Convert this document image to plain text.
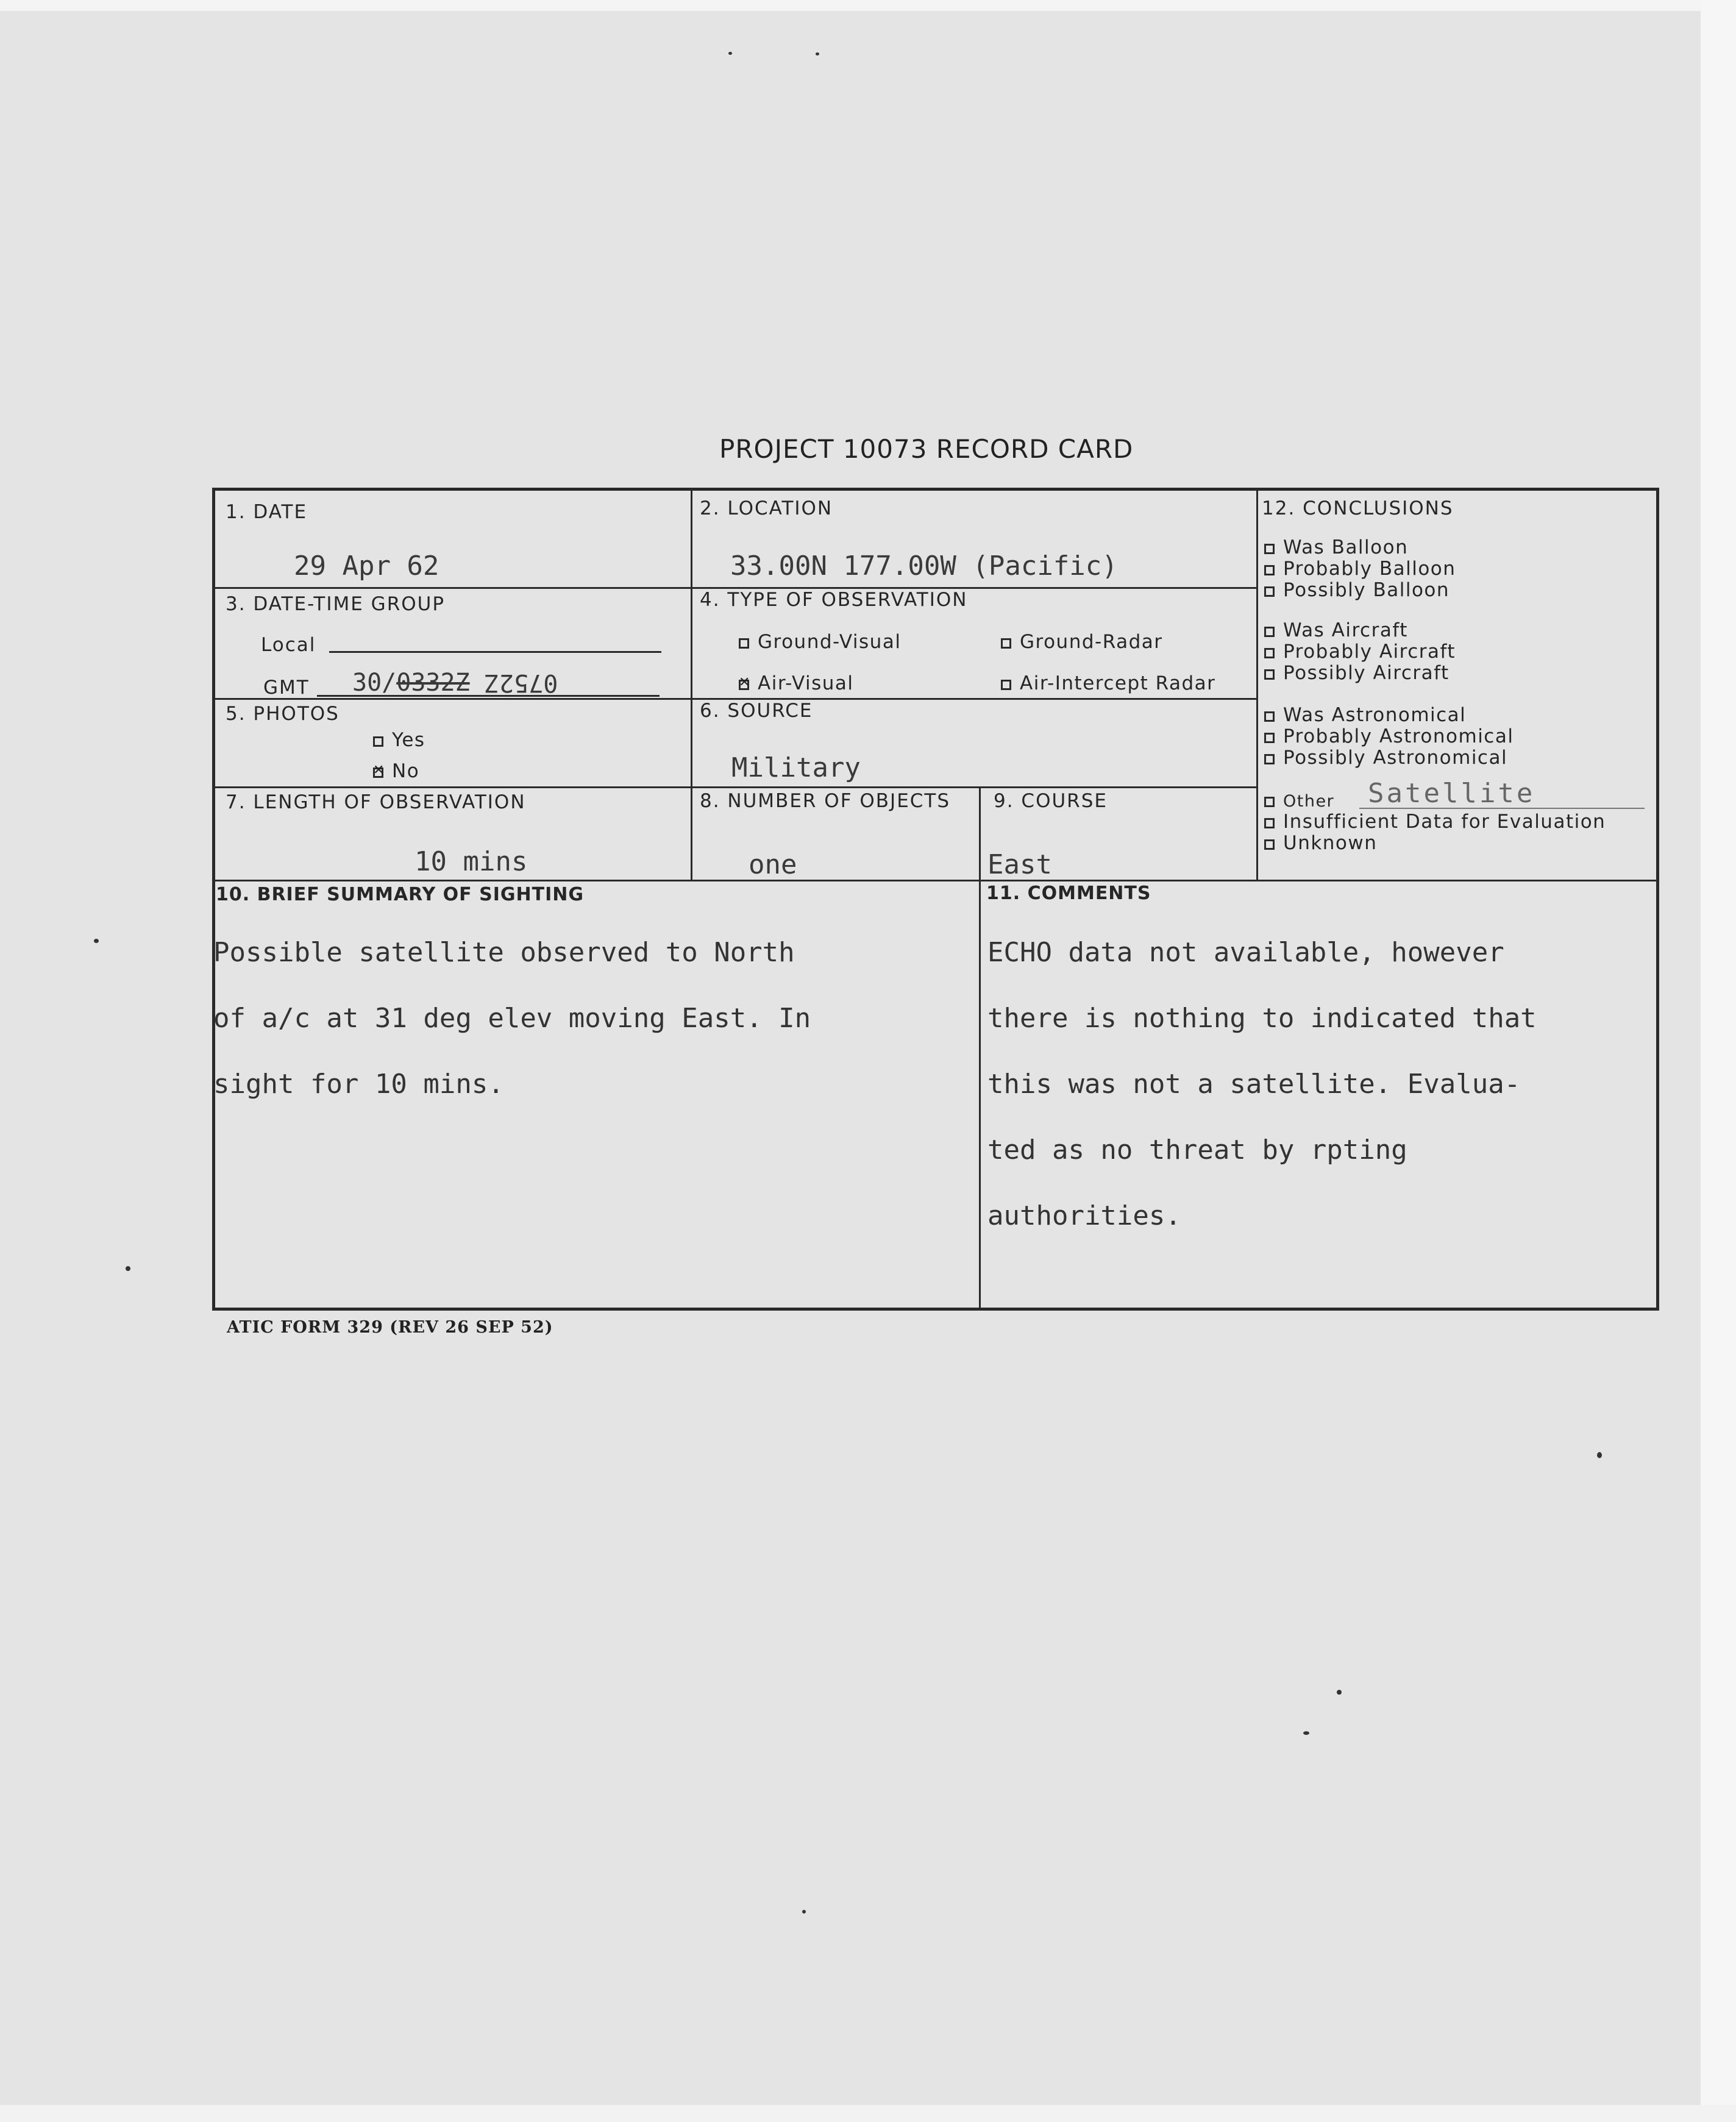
PROJECT 10073 RECORD CARD
1. DATE
29 Apr 62
2. LOCATION
33.00N 177.00W (Pacific)
3. DATE-TIME GROUP
Local
GMT 30/0332Z 0752Z
4. TYPE OF OBSERVATION
Ground-Visual	Ground-Radar
✕Air-Visual	Air-Intercept Radar
5. PHOTOS
Yes
✕No
6. SOURCE
Military
7. LENGTH OF OBSERVATION
10 mins
8. NUMBER OF OBJECTS
one
9. COURSE
East
10. BRIEF SUMMARY OF SIGHTING

Possible satellite observed to North

of a/c at 31 deg elev moving East. In

sight for 10 mins.

11. COMMENTS

ECHO data not available, however

there is nothing to indicated that

this was not a satellite. Evalua-

ted as no threat by rpting

authorities.

12. CONCLUSIONS
Was Balloon
Probably Balloon
Possibly Balloon
Was Aircraft
Probably Aircraft
Possibly Aircraft
Was Astronomical
Probably Astronomical
Possibly Astronomical
Other Satellite
Insufficient Data for Evaluation
Unknown
ATIC FORM 329 (REV 26 SEP 52)
